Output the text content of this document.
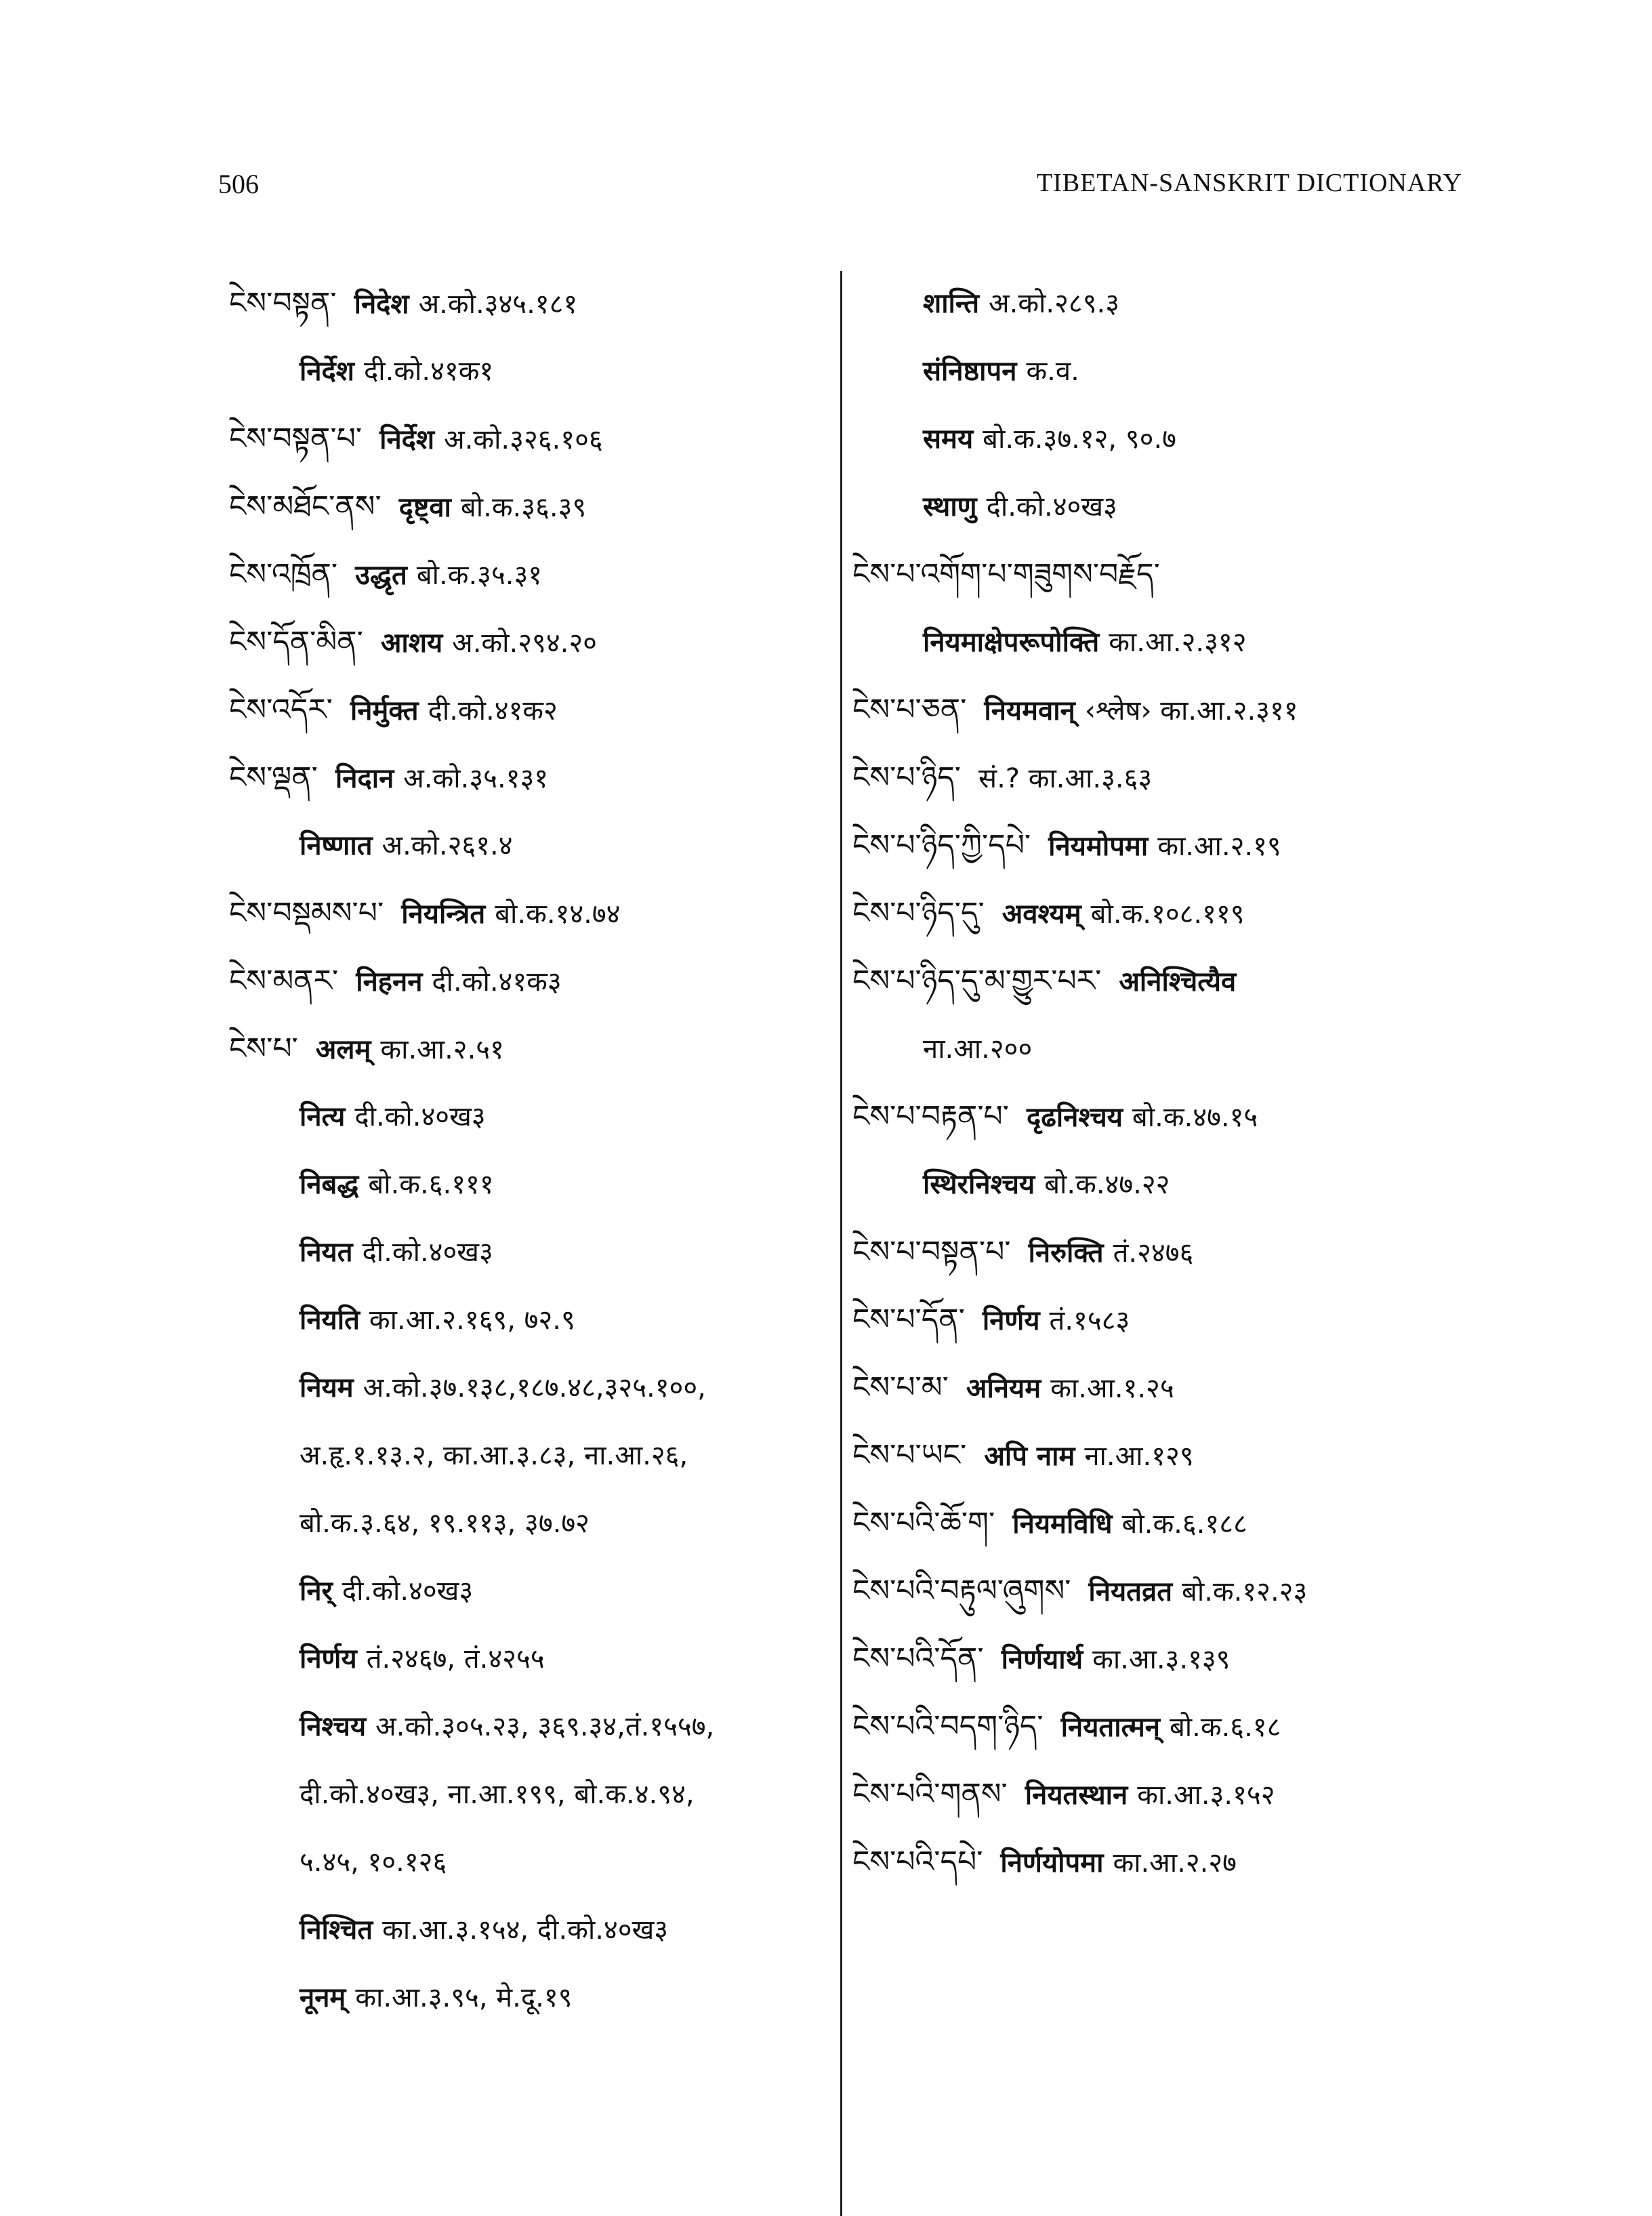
506	TIBETAN-SANSKRIT DICTIONARY
ངེས་བསྟན་ निदेश अ.को.३४५.१८१
निर्देश दी.को.४१क१
ངེས་བསྟན་པ་ निर्देश अ.को.३२६.१०६
ངེས་མཐོང་ནས་ दृष्ट्वा बो.क.३६.३९
ངེས་འཁྲོན་ उद्धृत बो.क.३५.३१
ངེས་དོན་མིན་ आशय अ.को.२९४.२०
ངེས་འདོར་ निर्मुक्त दी.को.४१क२
ངེས་ལྡན་ निदान अ.को.३५.१३१
निष्णात अ.को.२६१.४
ངེས་བསྡམས་པ་ नियन्त्रित बो.क.१४.७४
ངེས་མནར་ निहनन दी.को.४१क३
ངེས་པ་ अलम् का.आ.२.५१
नित्य दी.को.४०ख३
निबद्ध बो.क.६.१११
नियत दी.को.४०ख३
नियति का.आ.२.१६९, ७२.९
नियम अ.को.३७.१३८,१८७.४८,३२५.१००,
अ.हृ.१.१३.२, का.आ.३.८३, ना.आ.२६,
बो.क.३.६४, १९.११३, ३७.७२
निर् दी.को.४०ख३
निर्णय तं.२४६७, तं.४२५५
निश्चय अ.को.३०५.२३, ३६९.३४,तं.१५५७,
दी.को.४०ख३, ना.आ.१९९, बो.क.४.९४,
५.४५, १०.१२६
निश्चित का.आ.३.१५४, दी.को.४०ख३
नूनम् का.आ.३.९५, मे.दू.१९
शान्ति अ.को.२८९.३
संनिष्ठापन क.व.
समय बो.क.३७.१२, ९०.७
स्थाणु दी.को.४०ख३
ངེས་པ་འགོག་པ་གཟུགས་བརྗོད་
नियमाक्षेपरूपोक्ति का.आ.२.३१२
ངེས་པ་ཅན་ नियमवान् ‹श्लेष› का.आ.२.३११
ངེས་པ་ཉིད་ सं.? का.आ.३.६३
ངེས་པ་ཉིད་ཀྱི་དཔེ་ नियमोपमा का.आ.२.१९
ངེས་པ་ཉིད་དུ་ अवश्यम् बो.क.१०८.११९
ངེས་པ་ཉིད་དུ་མ་གྱུར་པར་ अनिश्चित्यैव
ना.आ.२००
ངེས་པ་བརྟན་པ་ दृढनिश्चय बो.क.४७.१५
स्थिरनिश्चय बो.क.४७.२२
ངེས་པ་བསྟན་པ་ निरुक्ति तं.२४७६
ངེས་པ་དོན་ निर्णय तं.१५८३
ངེས་པ་མ་ अनियम का.आ.१.२५
ངེས་པ་ཡང་ अपि नाम ना.आ.१२९
ངེས་པའི་ཆོ་ག་ नियमविधि बो.क.६.१८८
ངེས་པའི་བརྟུལ་ཞུགས་ नियतव्रत बो.क.१२.२३
ངེས་པའི་དོན་ निर्णयार्थ का.आ.३.१३९
ངེས་པའི་བདག་ཉིད་ नियतात्मन् बो.क.६.१८
ངེས་པའི་གནས་ नियतस्थान का.आ.३.१५२
ངེས་པའི་དཔེ་ निर्णयोपमा का.आ.२.२७
